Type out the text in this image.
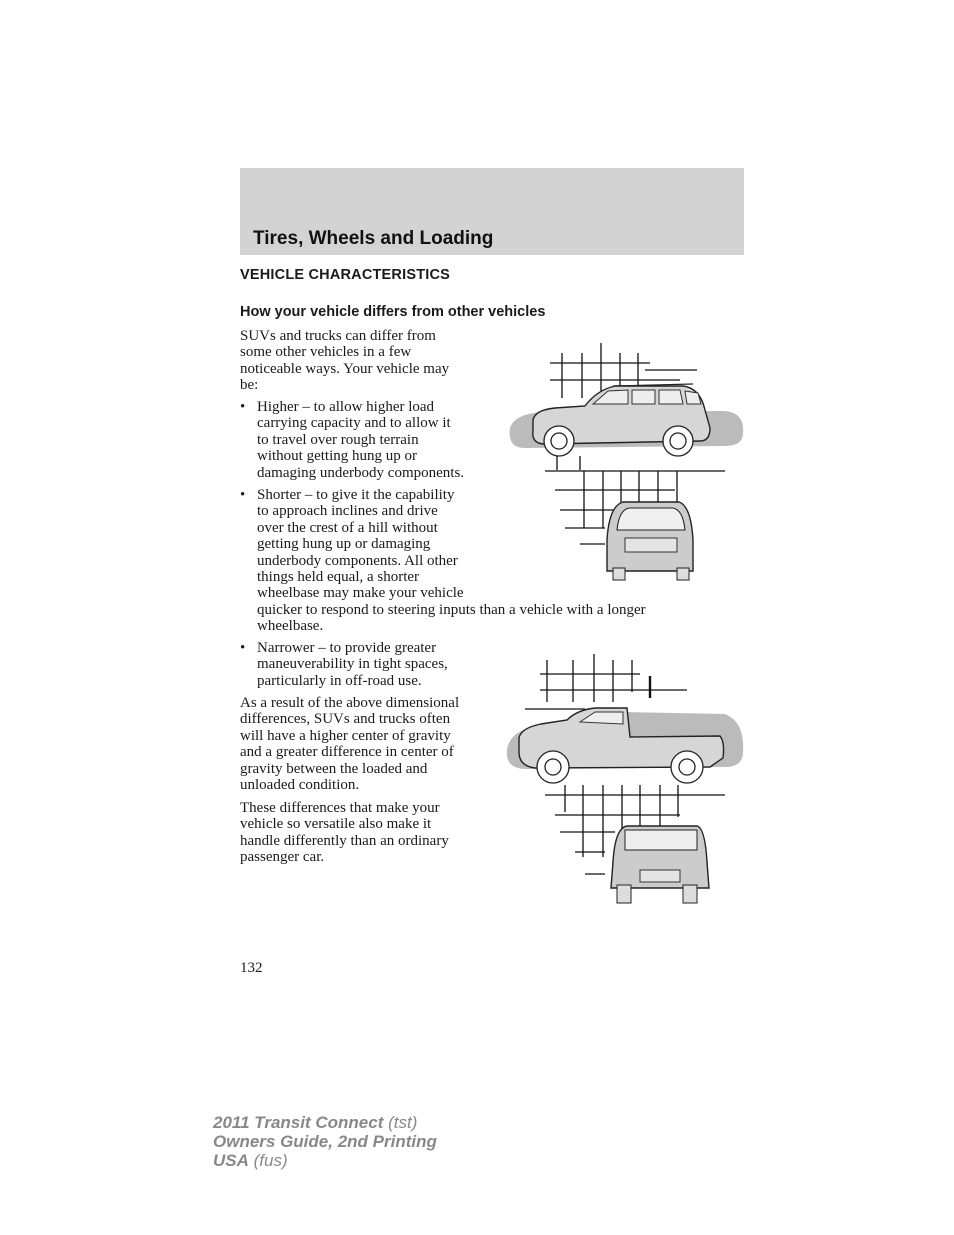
Tires, Wheels and Loading
VEHICLE CHARACTERISTICS
How your vehicle differs from other vehicles
SUVs and trucks can differ from
some other vehicles in a few
noticeable ways. Your vehicle may
be:
• Higher – to allow higher load
carrying capacity and to allow it
to travel over rough terrain
without getting hung up or
damaging underbody components.
• Shorter – to give it the capability
to approach inclines and drive
over the crest of a hill without
getting hung up or damaging
underbody components. All other
things held equal, a shorter
wheelbase may make your vehicle
quicker to respond to steering inputs than a vehicle with a longer
wheelbase.
• Narrower – to provide greater
maneuverability in tight spaces,
particularly in off-road use.
As a result of the above dimensional
differences, SUVs and trucks often
will have a higher center of gravity
and a greater difference in center of
gravity between the loaded and
unloaded condition.
These differences that make your
vehicle so versatile also make it
handle differently than an ordinary
passenger car.
132
2011 Transit Connect (tst)
Owners Guide, 2nd Printing
USA (fus)
